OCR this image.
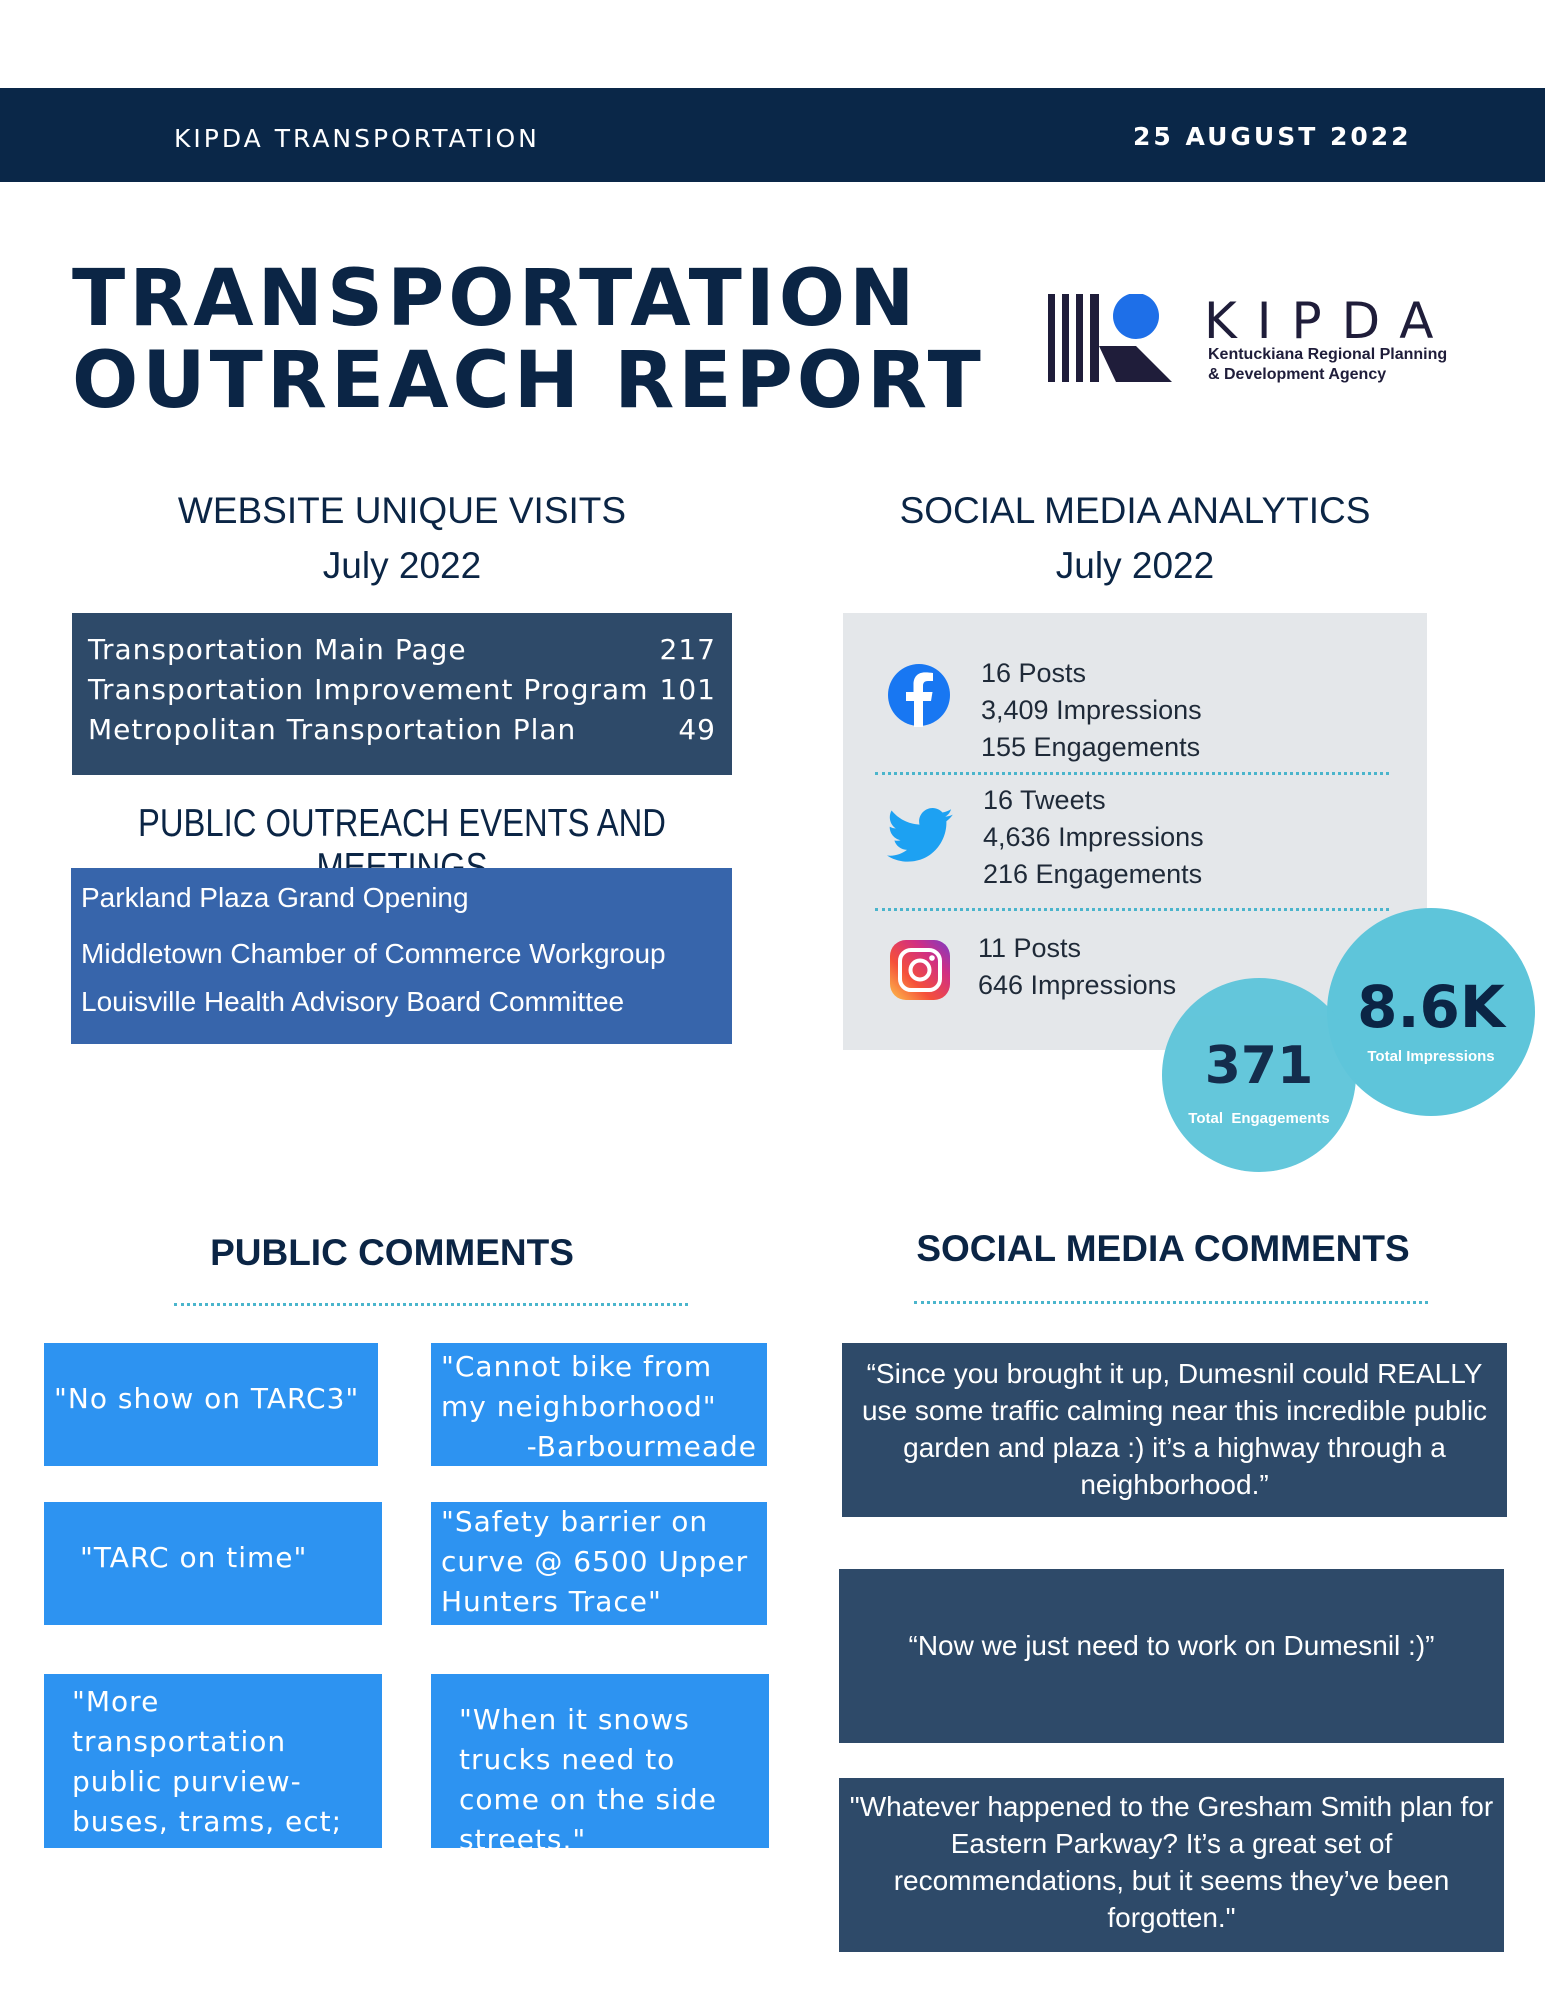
KIPDA TRANSPORTATION	25 AUGUST 2022
TRANSPORTATION
OUTREACH REPORT
KIPDA
Kentuckiana Regional Planning
& Development Agency
WEBSITE UNIQUE VISITS
July 2022
Transportation Main Page	217
Transportation Improvement Program 101
Metropolitan Transportation Plan	49
PUBLIC OUTREACH EVENTS AND
Parkland Plaza Grand Opening
Middletown Chamber of Commerce Workgroup
Louisville Health Advisory Board Committee
SOCIAL MEDIA ANALYTICS
July 2022
16 Posts
3,409 Impressions
155 Engagements
16 Tweets
4,636 Impressions
216 Engagements
11 Posts
646 Impressions	8.6K
Total Impressions
371
Total  Engagements
PUBLIC COMMENTS
"No show on TARC3"
"Cannot bike from my neighborhood"
-Barbourmeade
"TARC on time"
"Safety barrier on curve @ 6500 Upper Hunters Trace"
"More transportation public purview- buses, trams, ect; down w/ cars"
"When it snows trucks need to come on the side streets."
SOCIAL MEDIA COMMENTS
“Since you brought it up, Dumesnil could REALLY use some traffic calming near this incredible public garden and plaza :) it’s a highway through a neighborhood.”
“Now we just need to work on Dumesnil :)”
"Whatever happened to the Gresham Smith plan for Eastern Parkway? It’s a great set of recommendations, but it seems they’ve been forgotten."
